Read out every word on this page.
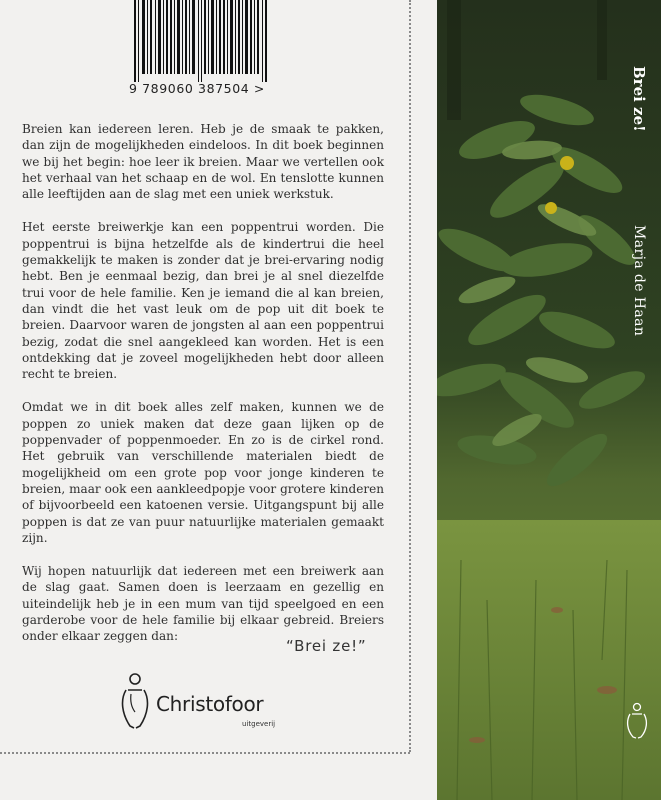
9 789060 387504 >

Breien kan iedereen leren. Heb je de smaak te pakken, dan zijn de mogelijkheden eindeloos. In dit boek beginnen we bij het begin: hoe leer ik breien. Maar we vertellen ook het verhaal van het schaap en de wol. En tenslotte kunnen alle leeftijden aan de slag met een uniek werkstuk.

Het eerste breiwerkje kan een poppentrui worden. Die poppentrui is bijna hetzelfde als de kindertrui die heel gemakkelijk te maken is zonder dat je brei-ervaring nodig hebt. Ben je eenmaal bezig, dan brei je al snel diezelfde trui voor de hele familie. Ken je iemand die al kan breien, dan vindt die het vast leuk om de pop uit dit boek te breien. Daarvoor waren de jongsten al aan een poppentrui bezig, zodat die snel aangekleed kan worden. Het is een ontdekking dat je zoveel mogelijkheden hebt door alleen recht te breien.

Omdat we in dit boek alles zelf maken, kunnen we de poppen zo uniek maken dat deze gaan lijken op de poppenvader of poppenmoeder. En zo is de cirkel rond. Het gebruik van verschillende materialen biedt de mogelijkheid om een grote pop voor jonge kinderen te breien, maar ook een aankleedpopje voor grotere kinderen of bijvoorbeeld een katoenen versie. Uitgangspunt bij alle poppen is dat ze van puur natuurlijke materialen gemaakt zijn.

Wij hopen natuurlijk dat iedereen met een breiwerk aan de slag gaat. Samen doen is leerzaam en gezellig en uiteindelijk heb je in een mum van tijd speelgoed en een garderobe voor de hele familie bij elkaar gebreid. Breiers onder elkaar zeggen dan:

“Brei ze!”
Christofoor
uitgeverij
Brei ze!
Marja de Haan
